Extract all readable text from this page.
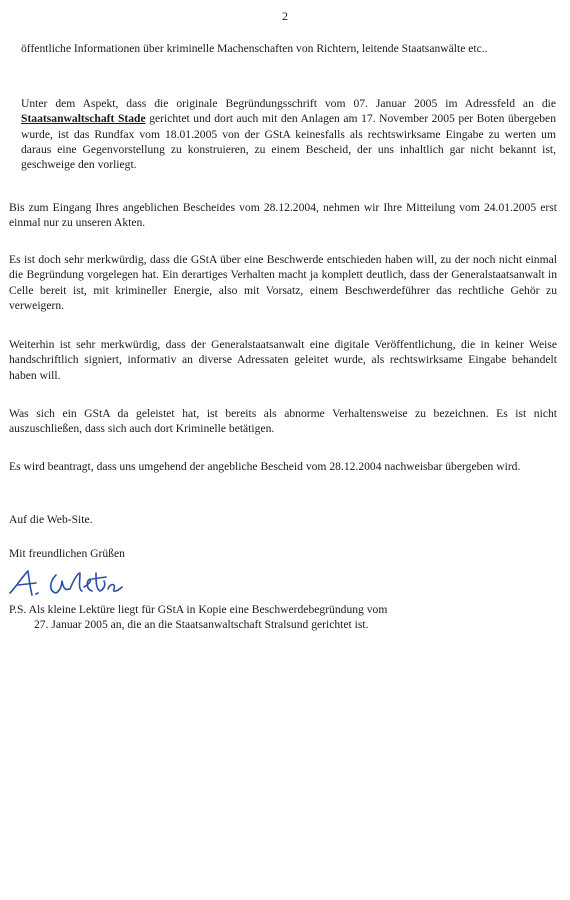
2

öffentliche Informationen über kriminelle Machenschaften von Richtern, leitende Staatsanwälte etc..

Unter dem Aspekt, dass die originale Begründungsschrift vom 07. Januar 2005 im Adressfeld an die Staatsanwaltschaft Stade gerichtet und dort auch mit den Anlagen am 17. November 2005 per Boten übergeben wurde, ist das Rundfax vom 18.01.2005 von der GStA keinesfalls als rechtswirksame Eingabe zu werten um daraus eine Gegenvorstellung zu konstruieren, zu einem Bescheid, der uns inhaltlich gar nicht bekannt ist, geschweige den vorliegt.

Bis zum Eingang Ihres angeblichen Bescheides vom 28.12.2004, nehmen wir Ihre Mitteilung vom 24.01.2005 erst einmal nur zu unseren Akten.

Es ist doch sehr merkwürdig, dass die GStA über eine Beschwerde entschieden haben will, zu der noch nicht einmal die Begründung vorgelegen hat. Ein derartiges Verhalten macht ja komplett deutlich, dass der Generalstaatsanwalt in Celle bereit ist, mit krimineller Energie, also mit Vorsatz, einem Beschwerdeführer das rechtliche Gehör zu verweigern.

Weiterhin ist sehr merkwürdig, dass der Generalstaatsanwalt eine digitale Veröffentlichung, die in keiner Weise handschriftlich signiert, informativ an diverse Adressaten geleitet wurde, als rechtswirksame Eingabe behandelt haben will.

Was sich ein GStA da geleistet hat, ist bereits als abnorme Verhaltensweise zu bezeichnen. Es ist nicht auszuschließen, dass sich auch dort Kriminelle betätigen.

Es wird beantragt, dass uns umgehend der angebliche Bescheid vom 28.12.2004 nachweisbar übergeben wird.

Auf die Web-Site.

Mit freundlichen Grüßen

P.S. Als kleine Lektüre liegt für GStA in Kopie eine Beschwerdebegründung vom
27. Januar 2005 an, die an die Staatsanwaltschaft Stralsund gerichtet ist.
